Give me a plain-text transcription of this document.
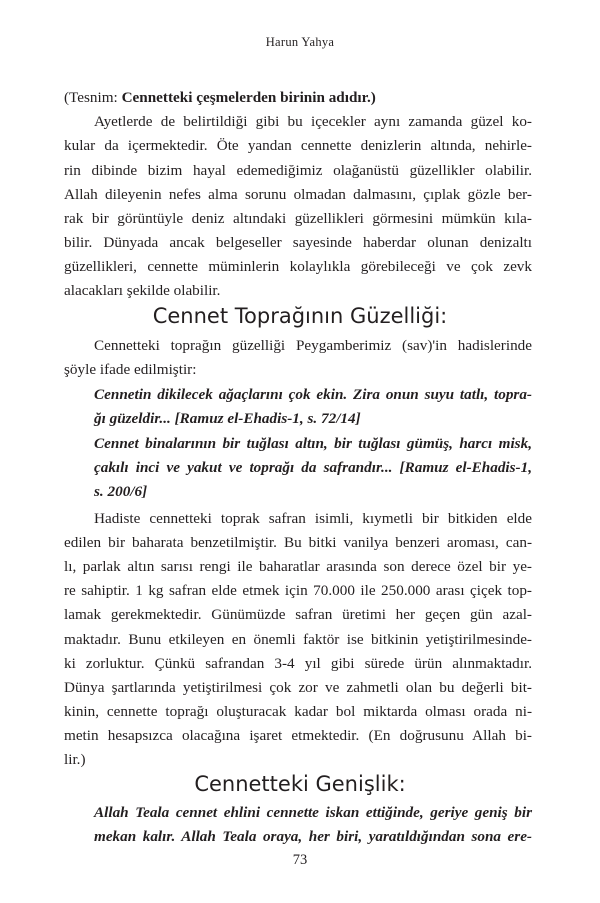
Harun Yahya
(Tesnim: Cennetteki çeşmelerden birinin adıdır.)
Ayetlerde de belirtildiği gibi bu içecekler aynı zamanda güzel ko-
kular da içermektedir. Öte yandan cennette denizlerin altında, nehirle-
rin dibinde bizim hayal edemediğimiz olağanüstü güzellikler olabilir.
Allah dileyenin nefes alma sorunu olmadan dalmasını, çıplak gözle ber-
rak bir görüntüyle deniz altındaki güzellikleri görmesini mümkün kıla-
bilir. Dünyada ancak belgeseller sayesinde haberdar olunan denizaltı
güzellikleri, cennette müminlerin kolaylıkla görebileceği ve çok zevk
alacakları şekilde olabilir.
Cennet Toprağının Güzelliği:
Cennetteki toprağın güzelliği Peygamberimiz (sav)'in hadislerinde
şöyle ifade edilmiştir:
Cennetin dikilecek ağaçlarını çok ekin. Zira onun suyu tatlı, topra-
ğı güzeldir... [Ramuz el-Ehadis-1, s. 72/14]
Cennet binalarının bir tuğlası altın, bir tuğlası gümüş, harcı misk,
çakılı inci ve yakut ve toprağı da safrandır... [Ramuz el-Ehadis-1,
s. 200/6]
Hadiste cennetteki toprak safran isimli, kıymetli bir bitkiden elde
edilen bir baharata benzetilmiştir. Bu bitki vanilya benzeri aroması, can-
lı, parlak altın sarısı rengi ile baharatlar arasında son derece özel bir ye-
re sahiptir. 1 kg safran elde etmek için 70.000 ile 250.000 arası çiçek top-
lamak gerekmektedir. Günümüzde safran üretimi her geçen gün azal-
maktadır. Bunu etkileyen en önemli faktör ise bitkinin yetiştirilmesinde-
ki zorluktur. Çünkü safrandan 3-4 yıl gibi sürede ürün alınmaktadır.
Dünya şartlarında yetiştirilmesi çok zor ve zahmetli olan bu değerli bit-
kinin, cennette toprağı oluşturacak kadar bol miktarda olması orada ni-
metin hesapsızca olacağına işaret etmektedir. (En doğrusunu Allah bi-
lir.)
Cennetteki Genişlik:
Allah Teala cennet ehlini cennette iskan ettiğinde, geriye geniş bir
mekan kalır. Allah Teala oraya, her biri, yaratıldığından sona ere-
73
